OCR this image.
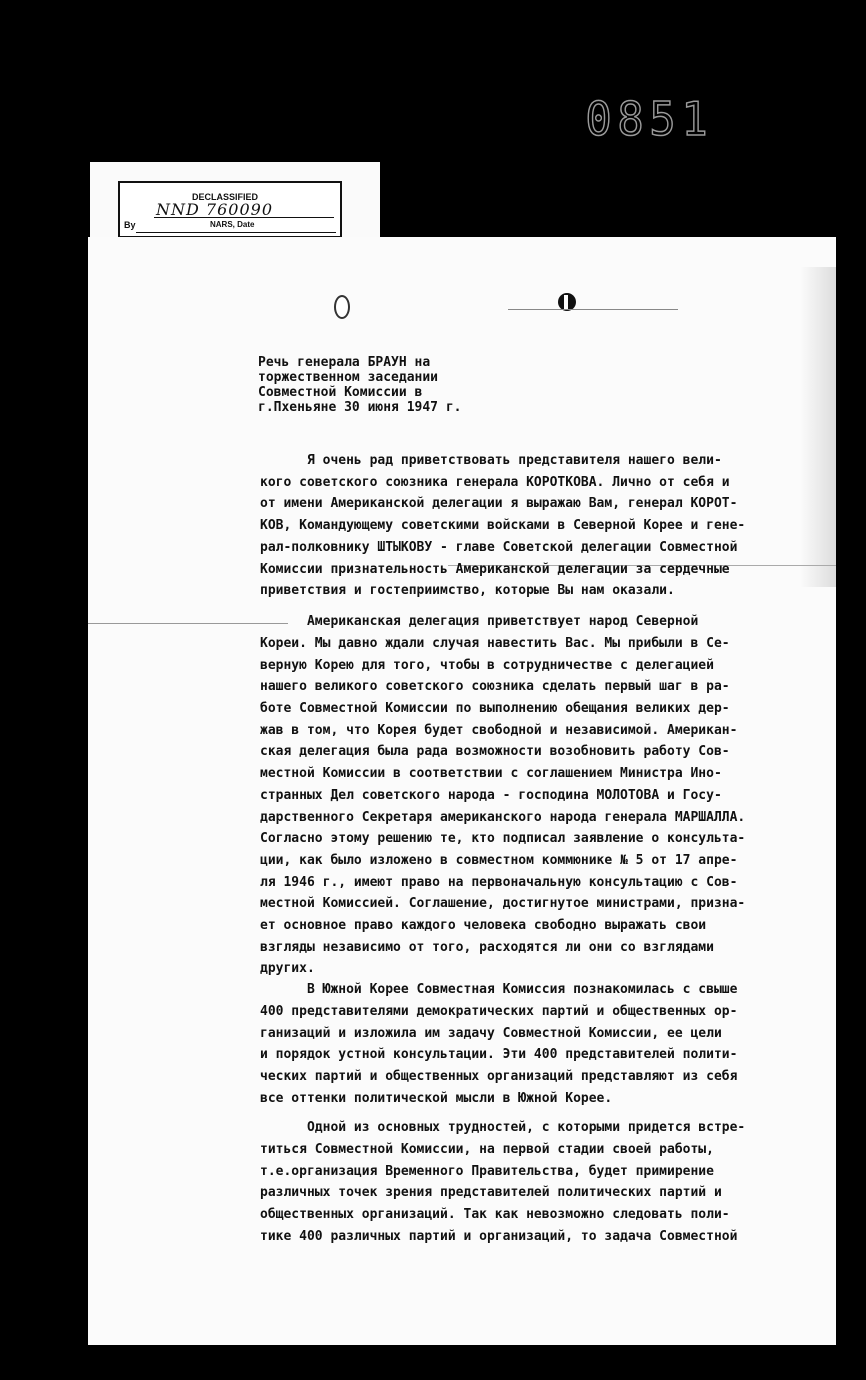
0851
DECLASSIFIED
NND 760090
By	NARS, Date
Речь генерала БРАУН на
торжественном заседании
Совместной Комиссии в
г.Пхеньяне 30 июня 1947 г.
Я очень рад приветствовать представителя нашего вели-
кого советского союзника генерала КОРОТКОВА. Лично от себя и
от имени Американской делегации я выражаю Вам, генерал КОРОТ-
КОВ, Командующему советскими войсками в Северной Корее и гене-
рал-полковнику ШТЫКОВУ - главе Советской делегации Совместной
Комиссии признательность Американской делегации за сердечные
приветствия и гостеприимство, которые Вы нам оказали.
Американская делегация приветствует народ Северной
Кореи. Мы давно ждали случая навестить Вас. Мы прибыли в Се-
верную Корею для того, чтобы в сотрудничестве с делегацией
нашего великого советского союзника сделать первый шаг в ра-
боте Совместной Комиссии по выполнению обещания великих дер-
жав в том, что Корея будет свободной и независимой. Американ-
ская делегация была рада возможности возобновить работу Сов-
местной Комиссии в соответствии с соглашением Министра Ино-
странных Дел советского народа - господина МОЛОТОВА и Госу-
дарственного Секретаря американского народа генерала МАРШАЛЛА.
Согласно этому решению те, кто подписал заявление о консульта-
ции, как было изложено в совместном коммюнике № 5 от 17 апре-
ля 1946 г., имеют право на первоначальную консультацию с Сов-
местной Комиссией. Соглашение, достигнутое министрами, признa-
ет основное право каждого человека свободно выражать свои
взгляды независимо от того, расходятся ли они со взглядами
других.
В Южной Корее Совместная Комиссия познакомилась с свыше
400 представителями демократических партий и общественных ор-
ганизаций и изложила им задачу Совместной Комиссии, ее цели
и порядок устной консультации. Эти 400 представителей полити-
ческих партий и общественных организаций представляют из себя
все оттенки политической мысли в Южной Корее.
Одной из основных трудностей, с которыми придется встре-
титься Совместной Комиссии, на первой стадии своей работы,
т.е.организация Временного Правительства, будет примирение
различных точек зрения представителей политических партий и
общественных организаций. Так как невозможно следовать поли-
тике 400 различных партий и организаций, то задача Совместной
